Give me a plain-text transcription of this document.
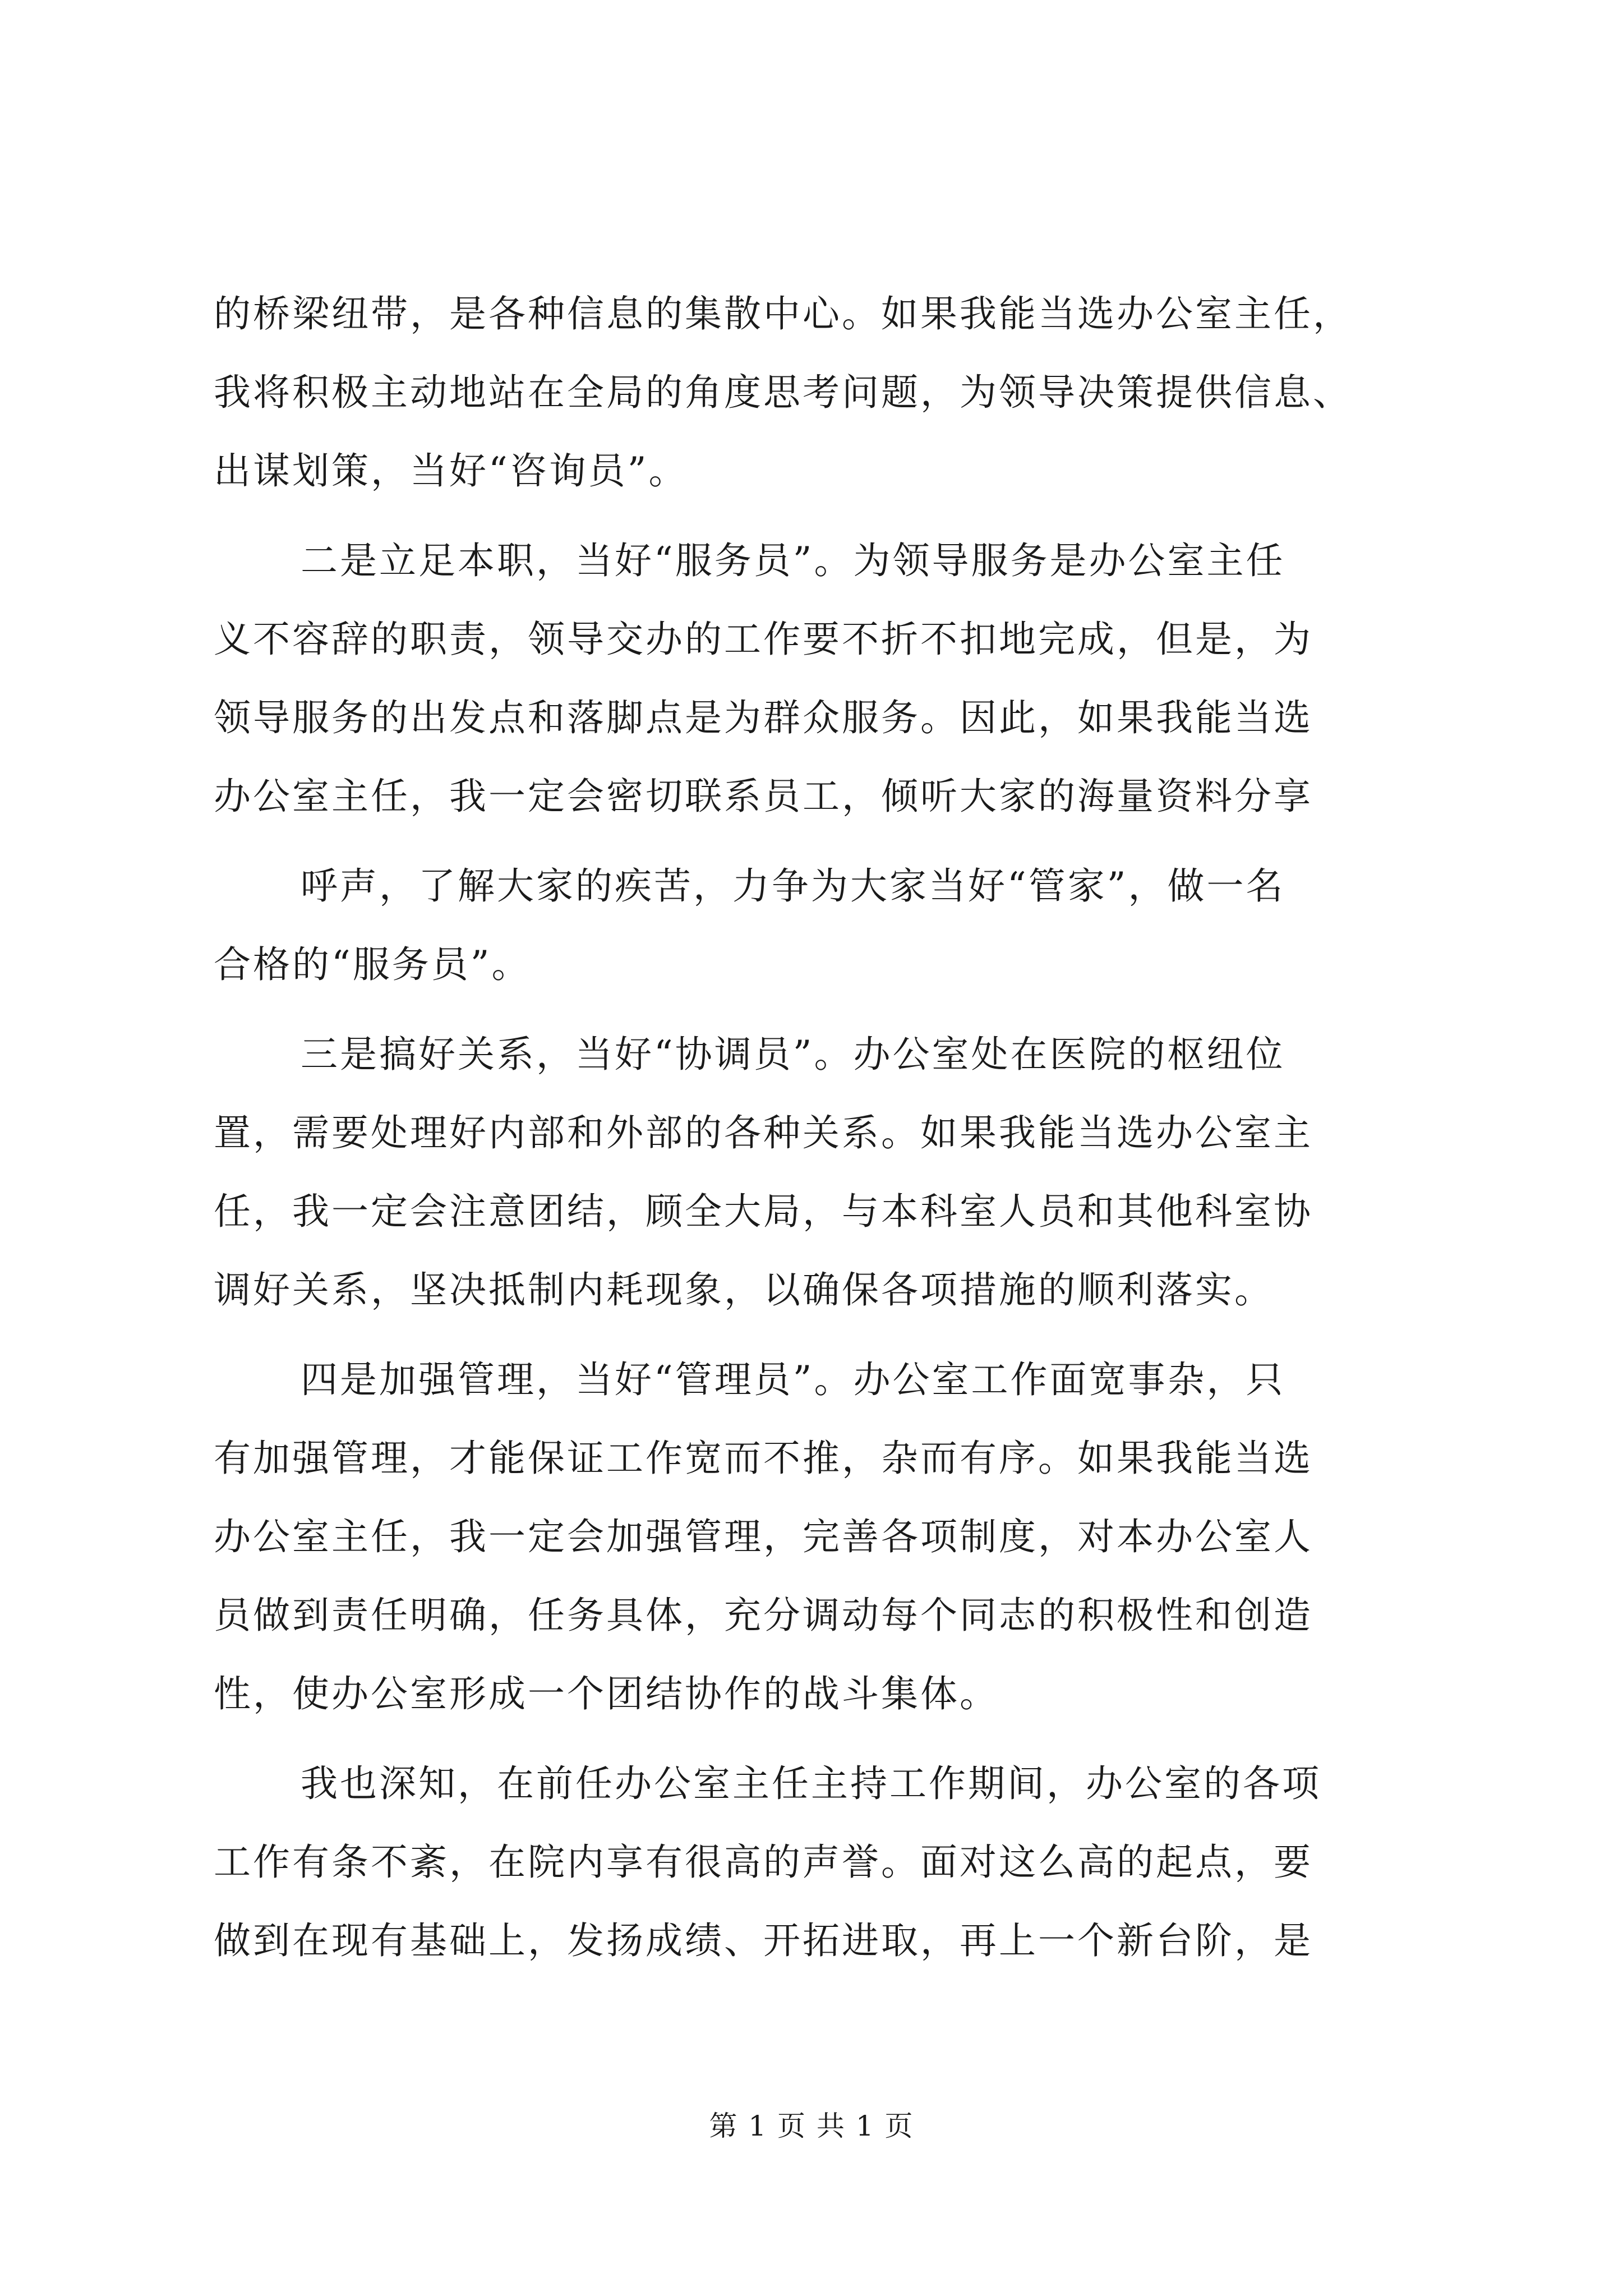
的桥梁纽带，是各种信息的集散中心。如果我能当选办公室主任，
我将积极主动地站在全局的角度思考问题，为领导决策提供信息、
出谋划策，当好“咨询员”。
二是立足本职，当好“服务员”。为领导服务是办公室主任
义不容辞的职责，领导交办的工作要不折不扣地完成，但是，为
领导服务的出发点和落脚点是为群众服务。因此，如果我能当选
办公室主任，我一定会密切联系员工，倾听大家的海量资料分享
呼声，了解大家的疾苦，力争为大家当好“管家”，做一名
合格的“服务员”。
三是搞好关系，当好“协调员”。办公室处在医院的枢纽位
置，需要处理好内部和外部的各种关系。如果我能当选办公室主
任，我一定会注意团结，顾全大局，与本科室人员和其他科室协
调好关系，坚决抵制内耗现象，以确保各项措施的顺利落实。
四是加强管理，当好“管理员”。办公室工作面宽事杂，只
有加强管理，才能保证工作宽而不推，杂而有序。如果我能当选
办公室主任，我一定会加强管理，完善各项制度，对本办公室人
员做到责任明确，任务具体，充分调动每个同志的积极性和创造
性，使办公室形成一个团结协作的战斗集体。
我也深知，在前任办公室主任主持工作期间，办公室的各项
工作有条不紊，在院内享有很高的声誉。面对这么高的起点，要
做到在现有基础上，发扬成绩、开拓进取，再上一个新台阶，是
第 1 页 共 1 页
